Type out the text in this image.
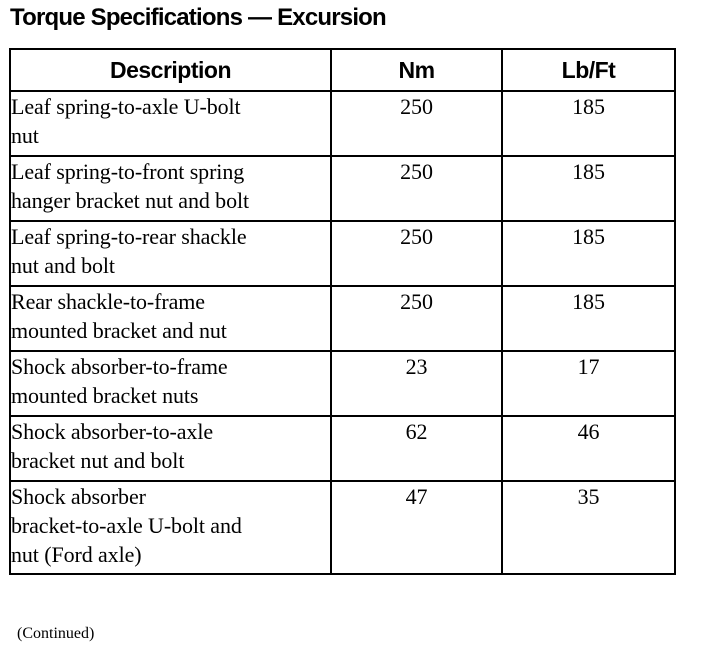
Torque Specifications — Excursion
Description	Nm	Lb/Ft
Leaf spring-to-axle U-bolt
nut	250	185
Leaf spring-to-front spring
hanger bracket nut and bolt	250	185
Leaf spring-to-rear shackle
nut and bolt	250	185
Rear shackle-to-frame
mounted bracket and nut	250	185
Shock absorber-to-frame
mounted bracket nuts	23	17
Shock absorber-to-axle
bracket nut and bolt	62	46
Shock absorber
bracket-to-axle U-bolt and
nut (Ford axle)	47	35
(Continued)
